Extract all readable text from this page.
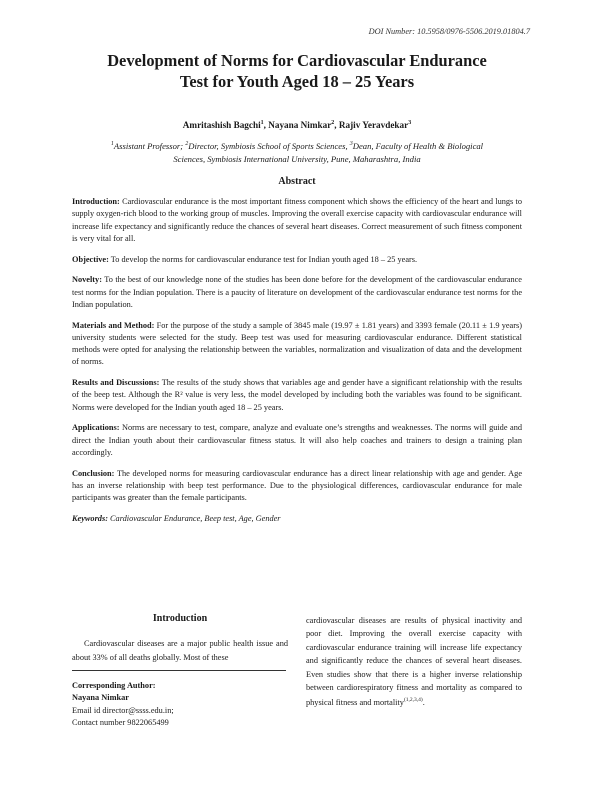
DOI Number: 10.5958/0976-5506.2019.01804.7
Development of Norms for Cardiovascular Endurance
Test for Youth Aged 18 – 25 Years
Amritashish Bagchi$^1$, Nayana Nimkar$^2$, Rajiv Yeravdekar$^3$
$^1$Assistant Professor; $^2$Director, Symbiosis School of Sports Sciences, $^3$Dean, Faculty of Health & Biological Sciences, Symbiosis International University, Pune, Maharashtra, India
Abstract

Introduction: Cardiovascular endurance is the most important fitness component which shows the efficiency of the heart and lungs to supply oxygen-rich blood to the working group of muscles. Improving the overall exercise capacity with cardiovascular endurance will increase life expectancy and significantly reduce the chances of several heart diseases. Correct measurement of such fitness component is very vital for all.

Objective: To develop the norms for cardiovascular endurance test for Indian youth aged 18 – 25 years.

Novelty: To the best of our knowledge none of the studies has been done before for the development of the cardiovascular endurance test norms for the Indian population. There is a paucity of literature on development of the cardiovascular endurance test norms for the Indian population.

Materials and Method: For the purpose of the study a sample of 3845 male (19.97 ± 1.81 years) and 3393 female (20.11 ± 1.9 years) university students were selected for the study. Beep test was used for measuring cardiovascular endurance. Different statistical methods were opted for analysing the relationship between the variables, normalization and visualization of data and the development of norms.

Results and Discussions: The results of the study shows that variables age and gender have a significant relationship with the results of the beep test. Although the R² value is very less, the model developed by including both the variables was found to be significant. Norms were developed for the Indian youth aged 18 – 25 years.

Applications: Norms are necessary to test, compare, analyze and evaluate one’s strengths and weaknesses. The norms will guide and direct the Indian youth about their cardiovascular fitness status. It will also help coaches and trainers to design a training plan accordingly.

Conclusion: The developed norms for measuring cardiovascular endurance has a direct linear relationship with age and gender. Age has an inverse relationship with beep test performance. Due to the physiological differences, cardiovascular endurance for male participants was greater than the female participants.

Keywords: Cardiovascular Endurance, Beep test, Age, Gender

Introduction

Cardiovascular diseases are a major public health issue and about 33% of all deaths globally. Most of these

Corresponding Author:
Nayana Nimkar
Email id director@ssss.edu.in;
Contact number 9822065499

cardiovascular diseases are results of physical inactivity and poor diet. Improving the overall exercise capacity with cardiovascular endurance training will increase life expectancy and significantly reduce the chances of several heart diseases. Even studies show that there is a higher inverse relationship between cardiorespiratory fitness and mortality as compared to physical fitness and mortality$^{(1,2,3,4)}$.
